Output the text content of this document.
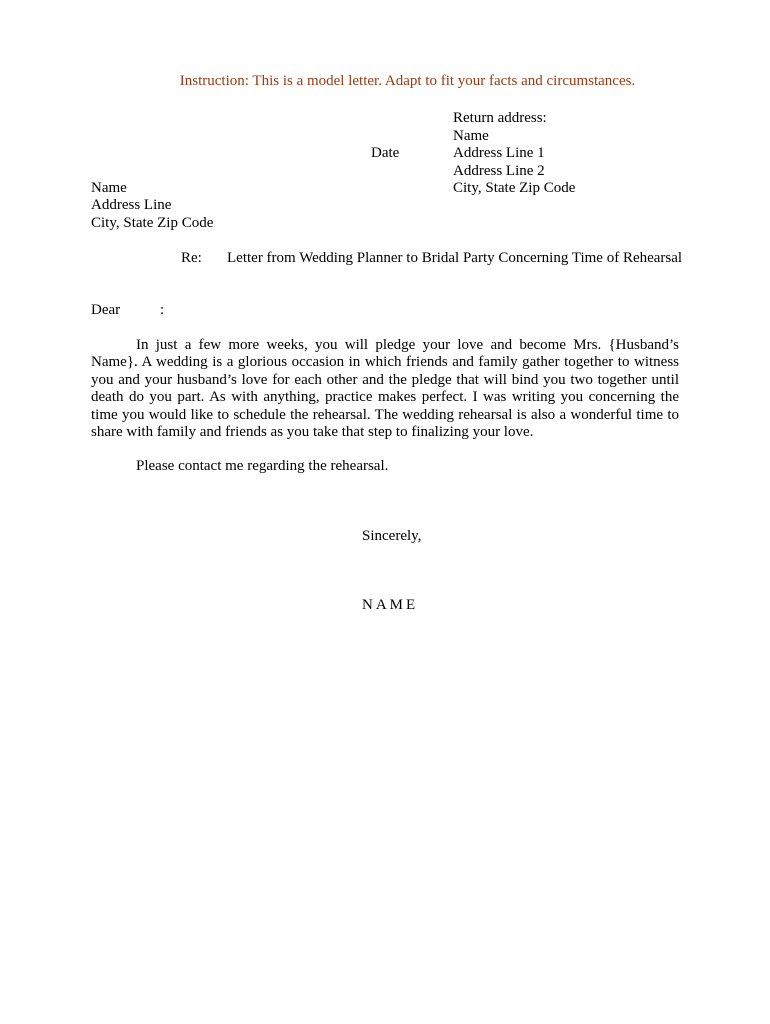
Instruction: This is a model letter. Adapt to fit your facts and circumstances.
Return address:
Name
Address Line 1
Address Line 2
City, State Zip Code
Date
Name
Address Line
City, State Zip Code
Re: Letter from Wedding Planner to Bridal Party Concerning Time of Rehearsal
Dear	:

In just a few more weeks, you will pledge your love and become Mrs. {Husband’s Name}. A wedding is a glorious occasion in which friends and family gather together to witness you and your husband’s love for each other and the pledge that will bind you two together until death do you part. As with anything, practice makes perfect. I was writing you concerning the time you would like to schedule the rehearsal. The wedding rehearsal is also a wonderful time to share with family and friends as you take that step to finalizing your love.

Please contact me regarding the rehearsal.
Sincerely,
NAME
